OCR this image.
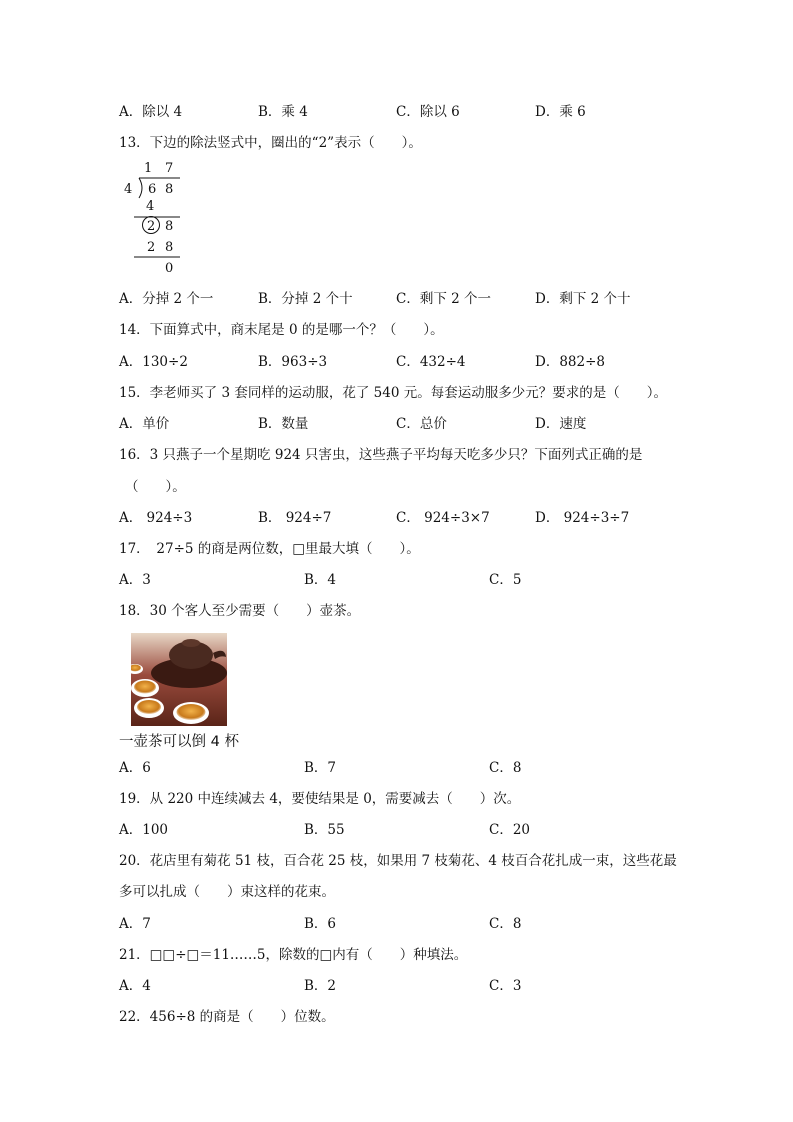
A．除以 4	B．乘 4	C．除以 6	D．乘 6
13．下边的除法竖式中，圈出的“2”表示（　　）。
1 7
4 6 8
4
2 8
2 8
0
A．分掉 2 个一	B．分掉 2 个十	C．剩下 2 个一	D．剩下 2 个十
14．下面算式中，商末尾是 0 的是哪一个？（　　）。
A．130÷2	B．963÷3	C．432÷4	D．882÷8
15．李老师买了 3 套同样的运动服，花了 540 元。每套运动服多少元？要求的是（　　）。
A．单价	B．数量	C．总价	D．速度
16．3 只燕子一个星期吃 924 只害虫，这些燕子平均每天吃多少只？下面列式正确的是
（　　）。
A． 924÷3	B． 924÷7	C． 924÷3×7	D． 924÷3÷7
17．　27÷5 的商是两位数，□里最大填（　　）。
A．3	B．4	C．5
18．30 个客人至少需要（　　）壶茶。
一壶茶可以倒 4 杯
A．6	B．7	C．8
19．从 220 中连续减去 4，要使结果是 0，需要减去（　　）次。
A．100	B．55	C．20
20．花店里有菊花 51 枝，百合花 25 枝，如果用 7 枝菊花、4 枝百合花扎成一束，这些花最
多可以扎成（　　）束这样的花束。
A．7	B．6	C．8
21．□□÷□＝11……5，除数的□内有（　　）种填法。
A．4	B．2	C．3
22．456÷8 的商是（　　）位数。
